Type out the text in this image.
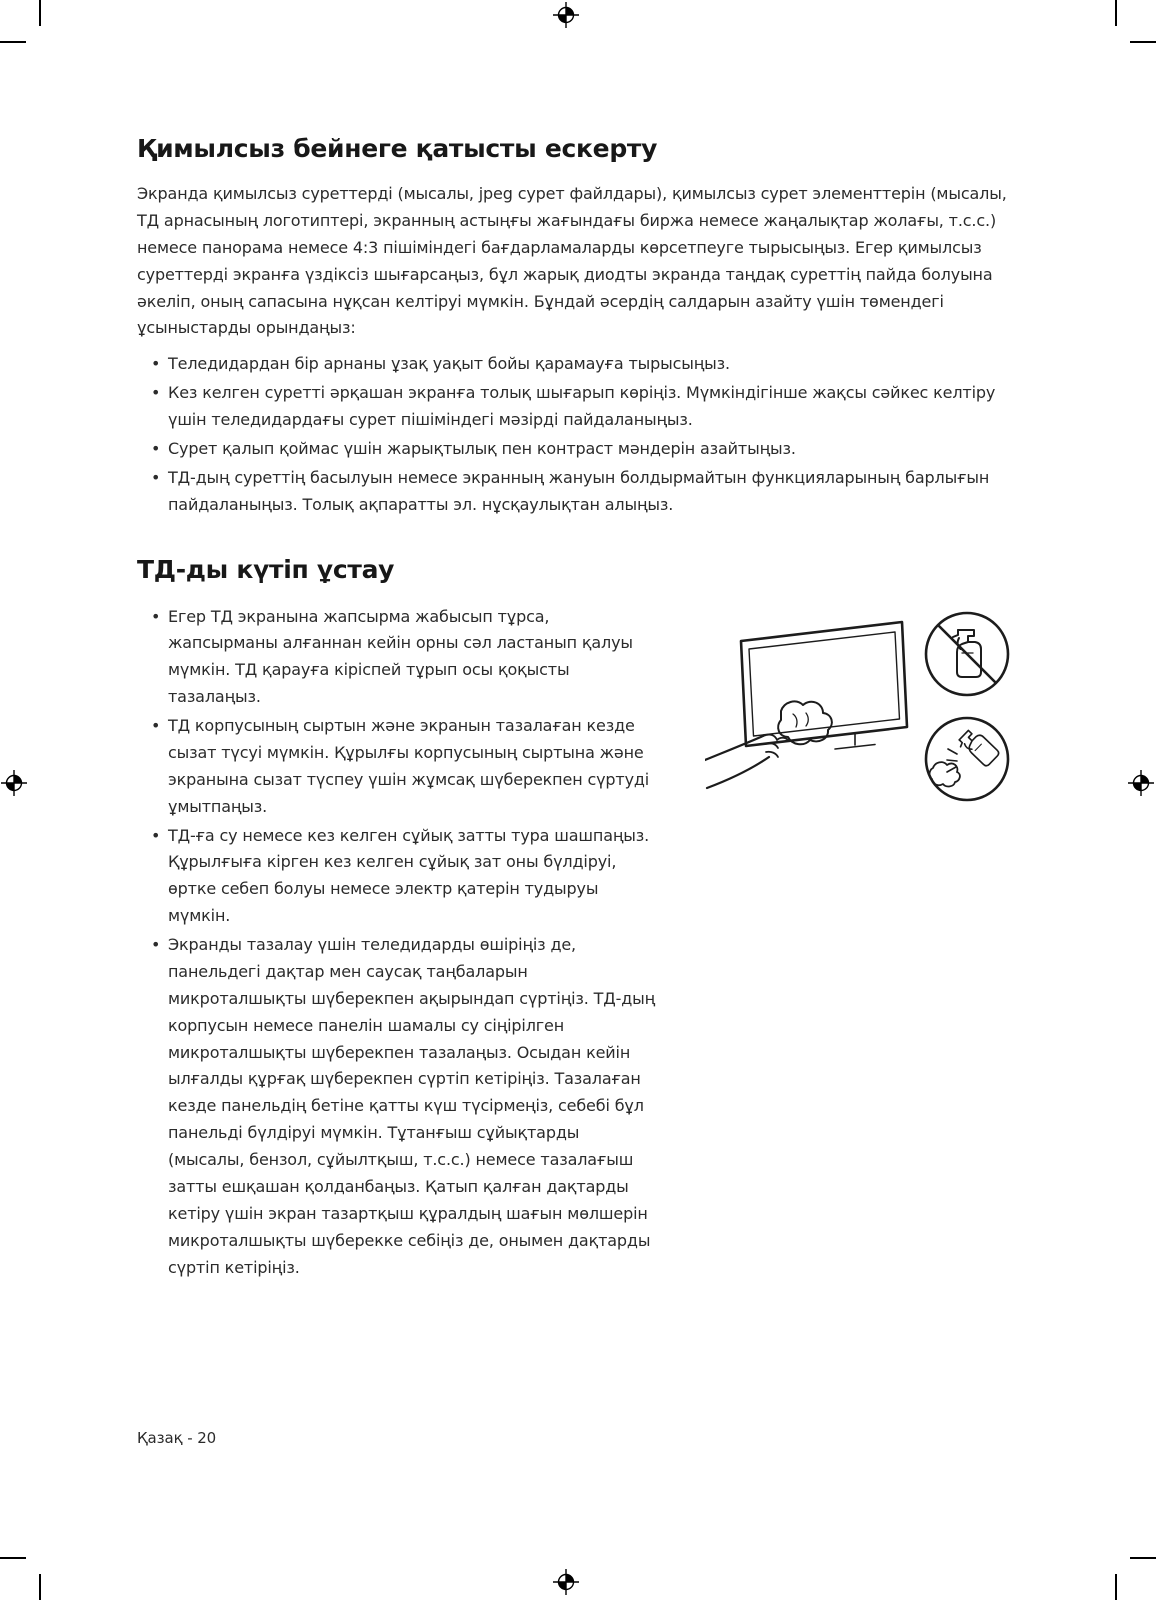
Қимылсыз бейнеге қатысты ескерту

Экранда қимылсыз суреттерді (мысалы, jpeg сурет файлдары), қимылсыз сурет элементтерін (мысалы, ТД арнасының логотиптері, экранның астыңғы жағындағы биржа немесе жаңалықтар жолағы, т.с.с.) немесе панорама немесе 4:3 пішіміндегі бағдарламаларды көрсетпеуге тырысыңыз. Егер қимылсыз суреттерді экранға үздіксіз шығарсаңыз, бұл жарық диодты экранда таңдақ суреттің пайда болуына әкеліп, оның сапасына нұқсан келтіруі мүмкін. Бұндай әсердің салдарын азайту үшін төмендегі ұсыныстарды орындаңыз:

• Теледидардан бір арнаны ұзақ уақыт бойы қарамауға тырысыңыз.
• Кез келген суретті әрқашан экранға толық шығарып көріңіз. Мүмкіндігінше жақсы сәйкес келтіру үшін теледидардағы сурет пішіміндегі мәзірді пайдаланыңыз.
• Сурет қалып қоймас үшін жарықтылық пен контраст мәндерін азайтыңыз.
• ТД-дың суреттің басылуын немесе экранның жануын болдырмайтын функцияларының барлығын пайдаланыңыз. Толық ақпаратты эл. нұсқаулықтан алыңыз.
ТД-ды күтіп ұстау
• Егер ТД экранына жапсырма жабысып тұрса, жапсырманы алғаннан кейін орны сәл ластанып қалуы мүмкін. ТД қарауға кіріспей тұрып осы қоқысты тазалаңыз.
• ТД корпусының сыртын және экранын тазалаған кезде сызат түсуі мүмкін. Құрылғы корпусының сыртына және экранына сызат түспеу үшін жұмсақ шүберекпен сүртуді ұмытпаңыз.
• ТД-ға су немесе кез келген сұйық затты тура шашпаңыз. Құрылғыға кірген кез келген сұйық зат оны бүлдіруі, өртке себеп болуы немесе электр қатерін тудыруы мүмкін.
• Экранды тазалау үшін теледидарды өшіріңіз де, панельдегі дақтар мен саусақ таңбаларын микроталшықты шүберекпен ақырындап сүртіңіз. ТД-дың корпусын немесе панелін шамалы су сіңірілген микроталшықты шүберекпен тазалаңыз. Осыдан кейін ылғалды құрғақ шүберекпен сүртіп кетіріңіз. Тазалаған кезде панельдің бетіне қатты күш түсірмеңіз, себебі бұл панельді бүлдіруі мүмкін. Тұтанғыш сұйықтарды (мысалы, бензол, сұйылтқыш, т.с.с.) немесе тазалағыш затты ешқашан қолданбаңыз. Қатып қалған дақтарды кетіру үшін экран тазартқыш құралдың шағын мөлшерін микроталшықты шүберекке себіңіз де, онымен дақтарды сүртіп кетіріңіз.
Қазақ - 20
